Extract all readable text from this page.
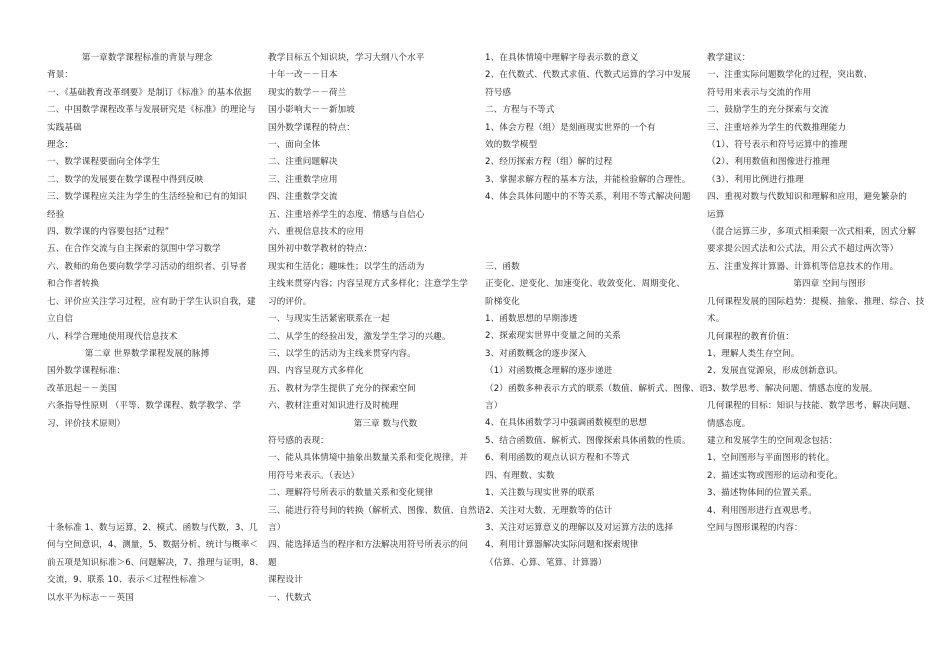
第一章数学课程标准的背景与理念
背景：
一、《基础教育改革纲要》是制订《标准》的基本依据
二、中国数学课程改革与发展研究是《标准》的理论与
实践基础
理念：
一、数学课程要面向全体学生
二、数学的发展要在数学课程中得到反映
三、数学课程应关注为学生的生活经验和已有的知识
经验
四、数学课的内容要包括“过程”
五、在合作交流与自主探索的氛围中学习数学
六、教师的角色要向数学学习活动的组织者、引导者
和合作者转换
七、评价应关注学习过程，应有助于学生认识自我，建
立自信
八、科学合理地使用现代信息技术
第二章 世界数学课程发展的脉搏
国外数学课程标准：
改革迅起－－美国
六条指导性原则 （平等、数学课程、数学教学、学
习、评价技术原则）
十条标准 1、数与运算，2、模式、函数与代数，3、几
何与空间意识，4、测量，5、数据分析、统计与概率＜
前五项是知识标准＞6、问题解决，7、推理与证明，8、
交流，9、联系 10、表示＜过程性标准＞
以水平为标志－－英国
教学目标五个知识块，学习大纲八个水平
十年一改－－日本
现实的数学－－荷兰
国小影响大－－新加坡
国外数学课程的特点：
一、面向全体
二、注重问题解决
三、注重数学应用
四、注重数学交流
五、注重培养学生的态度、情感与自信心
六、重视信息技术的应用
国外初中数学教材的特点：
现实和生活化；趣味性；以学生的活动为
主线来贯穿内容；内容呈现方式多样化；注意学生学
习的评价。
一、与现实生活紧密联系在一起
二、从学生的经验出发，激发学生学习的兴趣。
三、以学生的活动为主线来贯穿内容。
四、内容呈现方式多样化
五、教材为学生提供了充分的探索空间
六、教材注重对知识进行及时梳理
第三章 数与代数
符号感的表现：
一、能从具体情境中抽象出数量关系和变化规律，并
用符号来表示。（表达）
二、理解符号所表示的数量关系和变化规律
三、能进行符号间的转换（解析式、图像、数值、自然语
言）
四、能选择适当的程序和方法解决用符号所表示的问
题
课程设计
一、代数式
1、在具体情境中理解字母表示数的意义
2、在代数式、代数式求值、代数式运算的学习中发展
符号感
二、方程与不等式
1、体会方程（组）是刻画现实世界的一个有
效的数学模型
2、经历探索方程（组）解的过程
3、掌握求解方程的基本方法，并能检验解的合理性。
4、体会具体问题中的不等关系，利用不等式解决问题
三、函数
正变化、逆变化、加速变化、收敛变化、周期变化、
阶梯变化
1、函数思想的早期渗透
2、探索现实世界中变量之间的关系
3、对函数概念的逐步深入
（1）对函数概念理解的逐步递进
（2）函数多种表示方式的联系（数值、解析式、图像、语
言）
4、在具体函数学习中强调函数模型的思想
5、结合函数值、解析式、图像探索具体函数的性质。
6、利用函数的观点认识方程和不等式
四、有理数、实数
1、关注数与现实世界的联系
2、关注对大数、无理数等的估计
3、关注对运算意义的理解以及对运算方法的选择
4、利用计算器解决实际问题和探索规律
（估算、心算、笔算、计算器）
教学建议：
一、注重实际问题数学化的过程，突出数、
符号用来表示与交流的作用
二、鼓励学生的充分探索与交流
三、注重培养为学生的代数推理能力
（1）、符号表示和符号运算中的推理
（2）、利用数值和图像进行推理
（3）、利用比例进行推理
四、重视对数与代数知识和理解和应用，避免繁杂的
运算
（混合运算三步，多项式相乘限一次式相乘，因式分解
要求提公因式法和公式法，用公式不超过两次等）
五、注重发挥计算器、计算机等信息技术的作用。
第四章 空间与图形
几何课程发展的国际趋势：提模、抽象、推理、综合、技
术。
几何课程的教育价值：
1、理解人类生存空间。
2、发展直觉源泉，形成创新意识。
3、数学思考、解决问题、情感态度的发展。
几何课程的目标：知识与技能、数学思考、解决问题、
情感态度。
建立和发展学生的空间观念包括：
1、空间图形与平面图形的转化。
2、描述实物或图形的运动和变化。
3、描述物体间的位置关系。
4、利用图形进行直观思考。
空间与图形课程的内容：
